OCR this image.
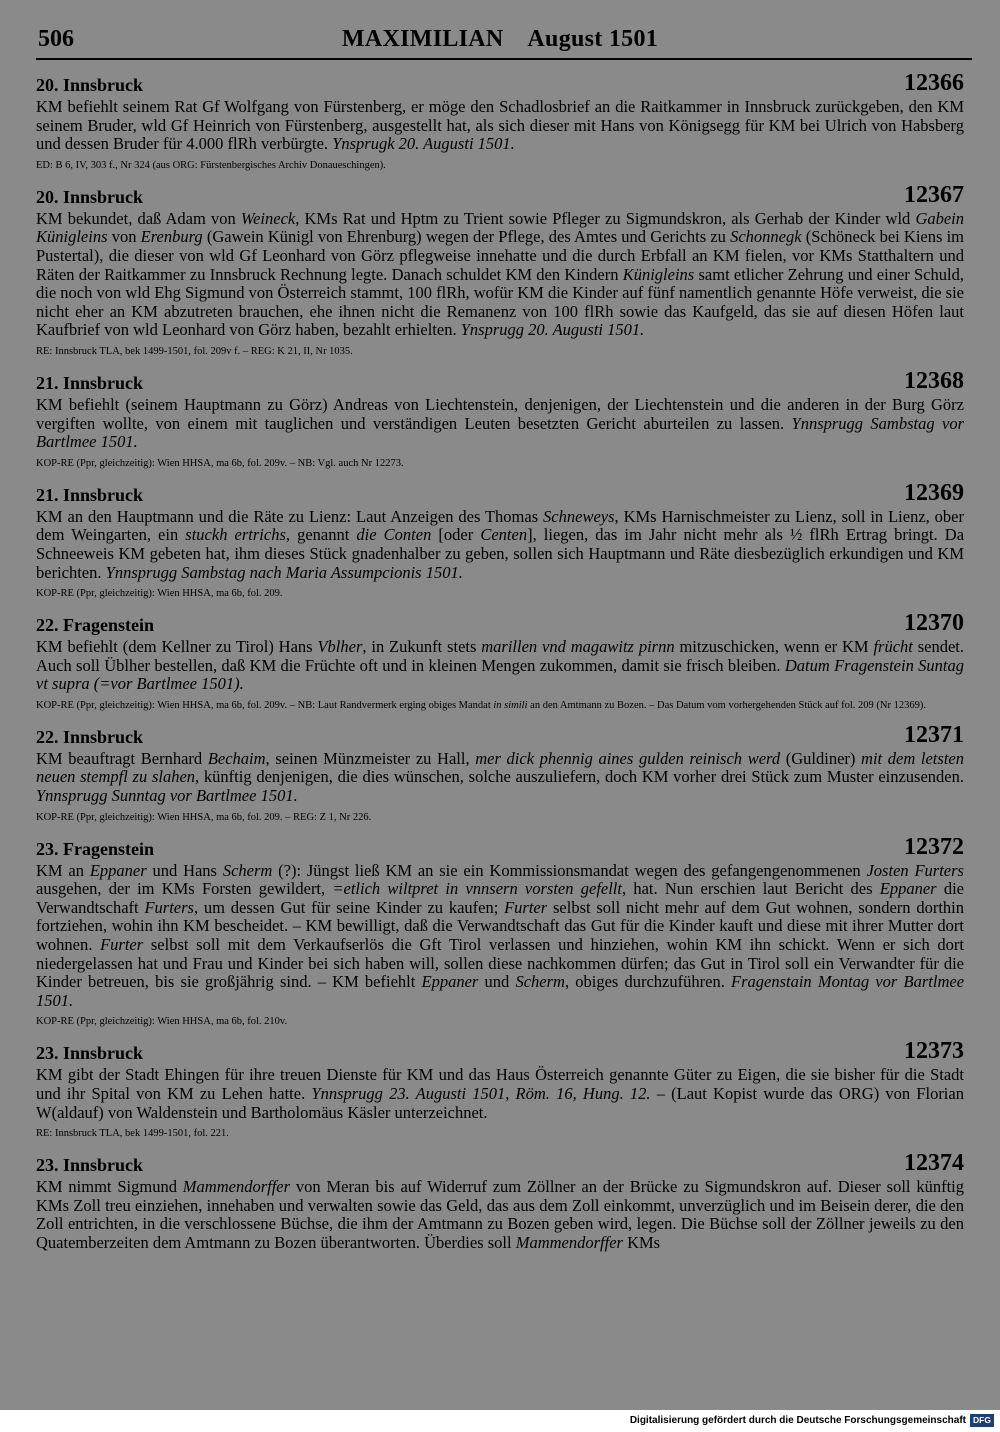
506	MAXIMILIAN    August 1501
20. Innsbruck	12366

KM befiehlt seinem Rat Gf Wolfgang von Fürstenberg, er möge den Schadlosbrief an die Raitkammer in Innsbruck zurückgeben, den KM seinem Bruder, wld Gf Heinrich von Fürstenberg, ausgestellt hat, als sich dieser mit Hans von Königsegg für KM bei Ulrich von Habsberg und dessen Bruder für 4.000 flRh verbürgte. Ynsprugk 20. Augusti 1501.

ED: B 6, IV, 303 f., Nr 324 (aus ORG: Fürstenbergisches Archiv Donaueschingen).
20. Innsbruck	12367

KM bekundet, daß Adam von Weineck, KMs Rat und Hptm zu Trient sowie Pfleger zu Sigmundskron, als Gerhab der Kinder wld Gabein Künigleins von Erenburg (Gawein Künigl von Ehrenburg) wegen der Pflege, des Amtes und Gerichts zu Schonnegk (Schöneck bei Kiens im Pustertal), die dieser von wld Gf Leonhard von Görz pflegweise innehatte und die durch Erbfall an KM fielen, vor KMs Statthaltern und Räten der Raitkammer zu Innsbruck Rechnung legte. Danach schuldet KM den Kindern Künigleins samt etlicher Zehrung und einer Schuld, die noch von wld Ehg Sigmund von Österreich stammt, 100 flRh, wofür KM die Kinder auf fünf namentlich genannte Höfe verweist, die sie nicht eher an KM abzutreten brauchen, ehe ihnen nicht die Remanenz von 100 flRh sowie das Kaufgeld, das sie auf diesen Höfen laut Kaufbrief von wld Leonhard von Görz haben, bezahlt erhielten. Ynsprugg 20. Augusti 1501.

RE: Innsbruck TLA, bek 1499-1501, fol. 209v f. – REG: K 21, II, Nr 1035.
21. Innsbruck	12368

KM befiehlt (seinem Hauptmann zu Görz) Andreas von Liechtenstein, denjenigen, der Liechtenstein und die anderen in der Burg Görz vergiften wollte, von einem mit tauglichen und verständigen Leuten besetzten Gericht aburteilen zu lassen. Ynnsprugg Sambstag vor Bartlmee 1501.

KOP-RE (Ppr, gleichzeitig): Wien HHSA, ma 6b, fol. 209v. – NB: Vgl. auch Nr 12273.
21. Innsbruck	12369

KM an den Hauptmann und die Räte zu Lienz: Laut Anzeigen des Thomas Schneweys, KMs Harnischmeister zu Lienz, soll in Lienz, ober dem Weingarten, ein stuckh ertrichs, genannt die Conten [oder Centen], liegen, das im Jahr nicht mehr als ½ flRh Ertrag bringt. Da Schneeweis KM gebeten hat, ihm dieses Stück gnadenhalber zu geben, sollen sich Hauptmann und Räte diesbezüglich erkundigen und KM berichten. Ynnsprugg Sambstag nach Maria Assumpcionis 1501.

KOP-RE (Ppr, gleichzeitig): Wien HHSA, ma 6b, fol. 209.
22. Fragenstein	12370

KM befiehlt (dem Kellner zu Tirol) Hans Vblher, in Zukunft stets marillen vnd magawitz pirnn mitzuschicken, wenn er KM frücht sendet. Auch soll Üblher bestellen, daß KM die Früchte oft und in kleinen Mengen zukommen, damit sie frisch bleiben. Datum Fragenstein Suntag vt supra (=vor Bartlmee 1501).

KOP-RE (Ppr, gleichzeitig): Wien HHSA, ma 6b, fol. 209v. – NB: Laut Randvermerk erging obiges Mandat in simili an den Amtmann zu Bozen. – Das Datum vom vorhergehenden Stück auf fol. 209 (Nr 12369).
22. Innsbruck	12371

KM beauftragt Bernhard Bechaim, seinen Münzmeister zu Hall, mer dick phennig aines gulden reinisch werd (Guldiner) mit dem letsten neuen stempfl zu slahen, künftig denjenigen, die dies wünschen, solche auszuliefern, doch KM vorher drei Stück zum Muster einzusenden. Ynnsprugg Sunntag vor Bartlmee 1501.

KOP-RE (Ppr, gleichzeitig): Wien HHSA, ma 6b, fol. 209. – REG: Z 1, Nr 226.
23. Fragenstein	12372

KM an Eppaner und Hans Scherm (?): Jüngst ließ KM an sie ein Kommissionsmandat wegen des gefangengenommenen Josten Furters ausgehen, der im KMs Forsten gewildert, =etlich wiltpret in vnnsern vorsten gefellt, hat. Nun erschien laut Bericht des Eppaner die Verwandtschaft Furters, um dessen Gut für seine Kinder zu kaufen; Furter selbst soll nicht mehr auf dem Gut wohnen, sondern dorthin fortziehen, wohin ihn KM bescheidet. – KM bewilligt, daß die Verwandtschaft das Gut für die Kinder kauft und diese mit ihrer Mutter dort wohnen. Furter selbst soll mit dem Verkaufserlös die Gft Tirol verlassen und hinziehen, wohin KM ihn schickt. Wenn er sich dort niedergelassen hat und Frau und Kinder bei sich haben will, sollen diese nachkommen dürfen; das Gut in Tirol soll ein Verwandter für die Kinder betreuen, bis sie großjährig sind. – KM befiehlt Eppaner und Scherm, obiges durchzuführen. Fragenstain Montag vor Bartlmee 1501.

KOP-RE (Ppr, gleichzeitig): Wien HHSA, ma 6b, fol. 210v.
23. Innsbruck	12373

KM gibt der Stadt Ehingen für ihre treuen Dienste für KM und das Haus Österreich genannte Güter zu Eigen, die sie bisher für die Stadt und ihr Spital von KM zu Lehen hatte. Ynnsprugg 23. Augusti 1501, Röm. 16, Hung. 12. – (Laut Kopist wurde das ORG) von Florian W(aldauf) von Waldenstein und Bartholomäus Käsler unterzeichnet.

RE: Innsbruck TLA, bek 1499-1501, fol. 221.
23. Innsbruck	12374

KM nimmt Sigmund Mammendorffer von Meran bis auf Widerruf zum Zöllner an der Brücke zu Sigmundskron auf. Dieser soll künftig KMs Zoll treu einziehen, innehaben und verwalten sowie das Geld, das aus dem Zoll einkommt, unverzüglich und im Beisein derer, die den Zoll entrichten, in die verschlossene Büchse, die ihm der Amtmann zu Bozen geben wird, legen. Die Büchse soll der Zöllner jeweils zu den Quatemberzeiten dem Amtmann zu Bozen überantworten. Überdies soll Mammendorffer KMs

Digitalisierung gefördert durch die Deutsche Forschungsgemeinschaft DFG
